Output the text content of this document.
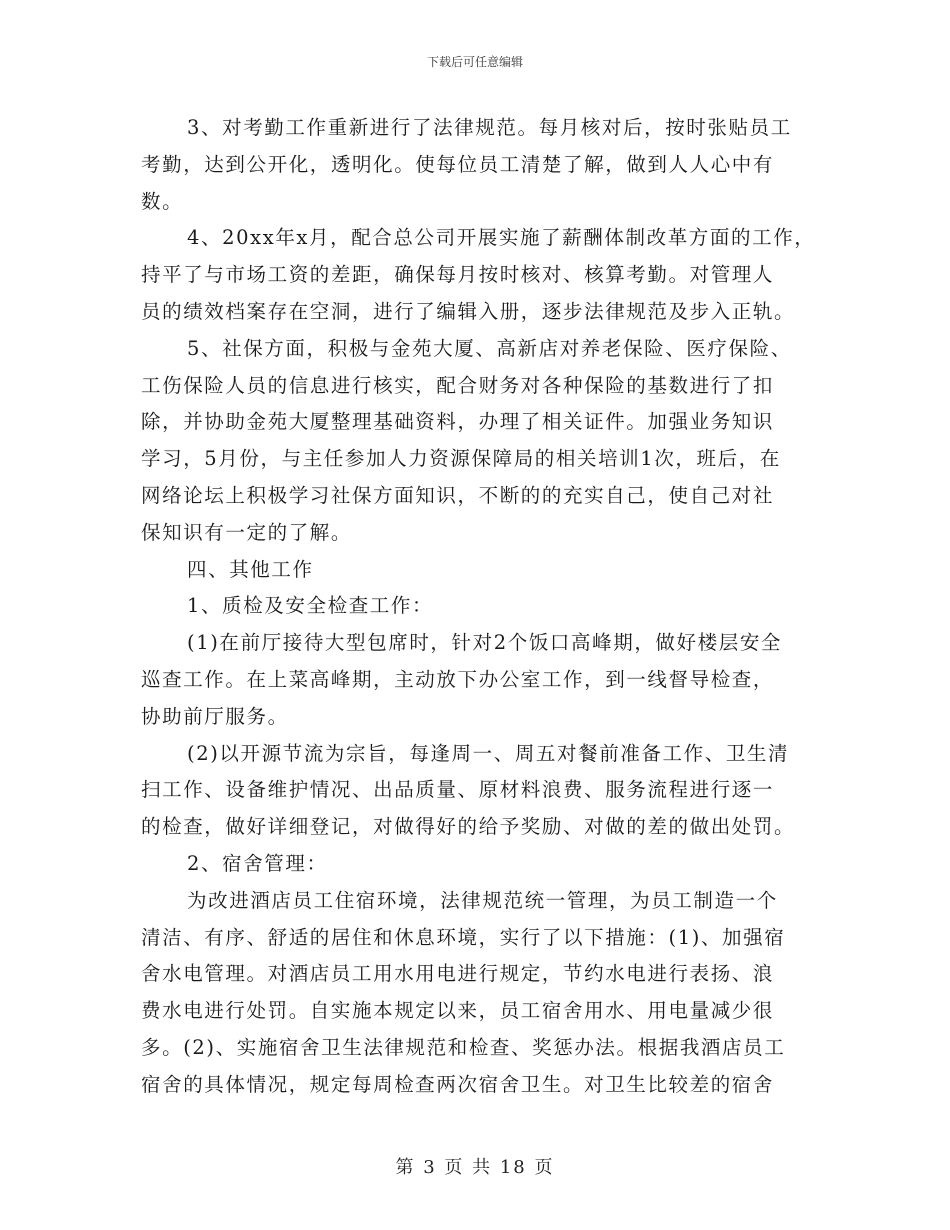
下载后可任意编辑
3、对考勤工作重新进行了法律规范。每月核对后，按时张贴员工
考勤，达到公开化，透明化。使每位员工清楚了解，做到人人心中有
数。
4、20xx年x月，配合总公司开展实施了薪酬体制改革方面的工作，
持平了与市场工资的差距，确保每月按时核对、核算考勤。对管理人
员的绩效档案存在空洞，进行了编辑入册，逐步法律规范及步入正轨。
5、社保方面，积极与金苑大厦、高新店对养老保险、医疗保险、
工伤保险人员的信息进行核实，配合财务对各种保险的基数进行了扣
除，并协助金苑大厦整理基础资料，办理了相关证件。加强业务知识
学习，5月份，与主任参加人力资源保障局的相关培训1次，班后，在
网络论坛上积极学习社保方面知识，不断的的充实自己，使自己对社
保知识有一定的了解。
四、其他工作
1、质检及安全检查工作：
(1)在前厅接待大型包席时，针对2个饭口高峰期，做好楼层安全
巡查工作。在上菜高峰期，主动放下办公室工作，到一线督导检查，
协助前厅服务。
(2)以开源节流为宗旨，每逢周一、周五对餐前准备工作、卫生清
扫工作、设备维护情况、出品质量、原材料浪费、服务流程进行逐一
的检查，做好详细登记，对做得好的给予奖励、对做的差的做出处罚。
2、宿舍管理：
为改进酒店员工住宿环境，法律规范统一管理，为员工制造一个
清洁、有序、舒适的居住和休息环境，实行了以下措施：(1)、加强宿
舍水电管理。对酒店员工用水用电进行规定，节约水电进行表扬、浪
费水电进行处罚。自实施本规定以来，员工宿舍用水、用电量减少很
多。(2)、实施宿舍卫生法律规范和检查、奖惩办法。根据我酒店员工
宿舍的具体情况，规定每周检查两次宿舍卫生。对卫生比较差的宿舍
第 3 页 共 18 页
